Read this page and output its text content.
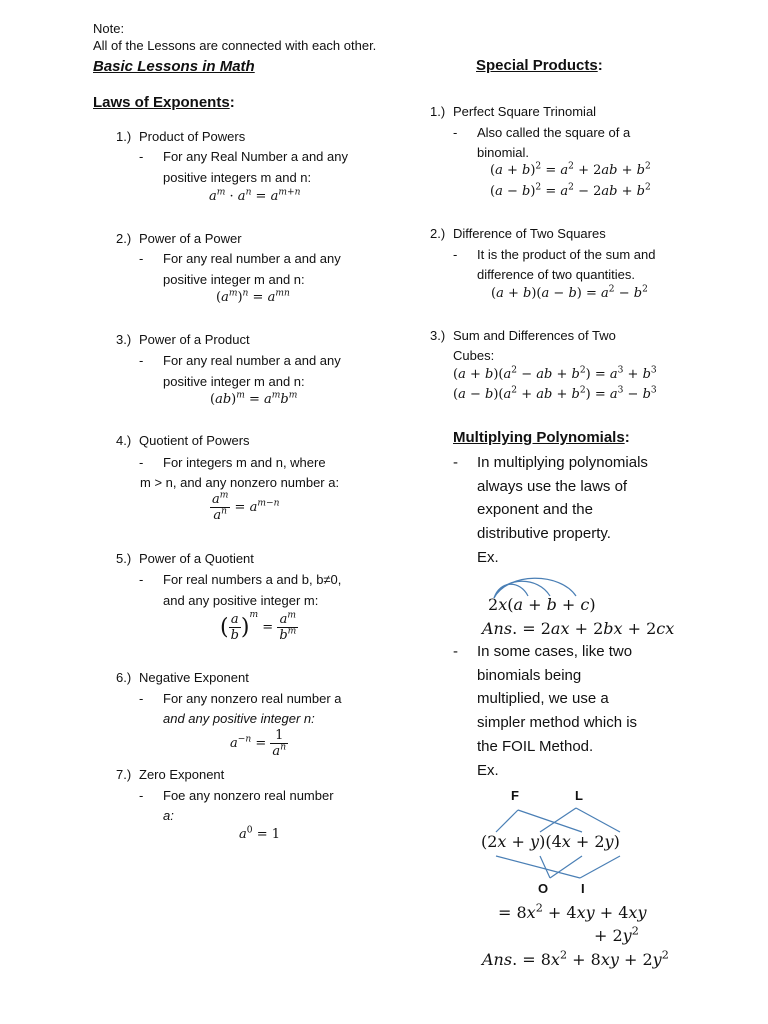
Note:
All of the Lessons are connected with each other.
Basic Lessons in Math
Laws of Exponents:
1.) Product of Powers
- For any Real Number a and any
positive integers m and n:
$a^m \cdot a^n = a^{m+n}$
2.) Power of a Power
- For any real number a and any
positive integer m and n:
$(a^m)^n = a^{mn}$
3.) Power of a Product
- For any real number a and any
positive integer m and n:
$(ab)^m = a^mb^m$
4.) Quotient of Powers
- For integers m and n, where
m > n, and any nonzero number a:
$\frac{a^m}{a^n} = a^{m-n}$
5.) Power of a Quotient
- For real numbers a and b, b≠0,
and any positive integer m:
( $\frac{a}{b} )^m = \frac{a^m}{b^m}$
6.) Negative Exponent
- For any nonzero real number a
and any positive integer n:
$a^{-n} = \frac{1}{a^n}$
7.) Zero Exponent
- Foe any nonzero real number
a:
$a^0 = 1$
Special Products:
1.) Perfect Square Trinomial
- Also called the square of a
binomial.
$(a + b)^2 = a^2 + 2ab + b^2$
$(a - b)^2 = a^2 - 2ab + b^2$
2.) Difference of Two Squares
- It is the product of the sum and
difference of two quantities.
$(a + b)(a - b) = a^2 - b^2$
3.) Sum and Differences of Two
Cubes:
$(a + b)(a^2$ − ab + $b^2) = a^3 + b^3$
$(a - b)(a^2$ + ab + $b^2) = a^3 - b^3$
Multiplying Polynomials:
- In multiplying polynomials
always use the laws of
exponent and the
distributive property.
Ex.
2x(a + b + c)
Ans. = 2ax + 2bx + 2cx
- In some cases, like two
binomials being
multiplied, we use a
simpler method which is
the FOIL Method.
Ex.
F	L
(2x + y)(4x + 2y)
O	I
= $8x^2 + 4xy + 4xy$
+ $2y^2$
Ans. = $8x^2 + 8xy + 2y^2$
